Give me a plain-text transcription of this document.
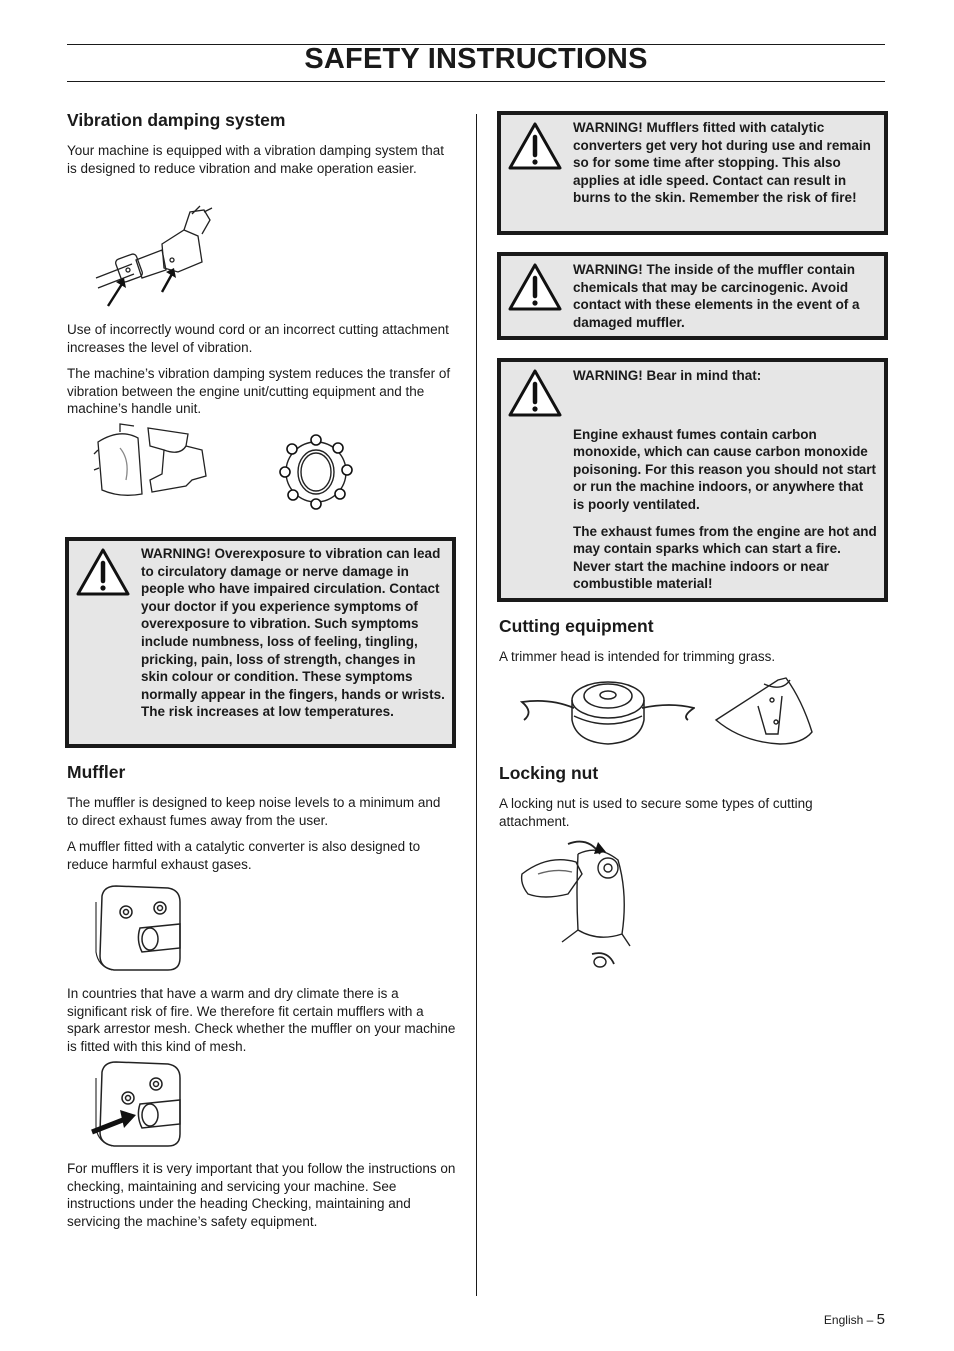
SAFETY INSTRUCTIONS
Vibration damping system

Your machine is equipped with a vibration damping system that is designed to reduce vibration and make operation easier.

Use of incorrectly wound cord or an incorrect cutting attachment increases the level of vibration.

The machine’s vibration damping system reduces the transfer of vibration between the engine unit/cutting equipment and the machine’s handle unit.

WARNING! Overexposure to vibration can lead to circulatory damage or nerve damage in people who have impaired circulation. Contact your doctor if you experience symptoms of overexposure to vibration. Such symptoms include numbness, loss of feeling, tingling, pricking, pain, loss of strength, changes in skin colour or condition. These symptoms normally appear in the fingers, hands or wrists. The risk increases at low temperatures.

Muffler

The muffler is designed to keep noise levels to a minimum and to direct exhaust fumes away from the user.

A muffler fitted with a catalytic converter is also designed to reduce harmful exhaust gases.

In countries that have a warm and dry climate there is a significant risk of fire. We therefore fit certain mufflers with a spark arrestor mesh. Check whether the muffler on your machine is fitted with this kind of mesh.

For mufflers it is very important that you follow the instructions on checking, maintaining and servicing your machine. See instructions under the heading Checking, maintaining and servicing the machine’s safety equipment.

WARNING! Mufflers fitted with catalytic converters get very hot during use and remain so for some time after stopping. This also applies at idle speed. Contact can result in burns to the skin. Remember the risk of fire!

WARNING! The inside of the muffler contain chemicals that may be carcinogenic. Avoid contact with these elements in the event of a damaged muffler.

WARNING! Bear in mind that:

Engine exhaust fumes contain carbon monoxide, which can cause carbon monoxide poisoning. For this reason you should not start or run the machine indoors, or anywhere that is poorly ventilated.

The exhaust fumes from the engine are hot and may contain sparks which can start a fire. Never start the machine indoors or near combustible material!

Cutting equipment

A trimmer head is intended for trimming grass.

Locking nut

A locking nut is used to secure some types of cutting attachment.

English – 5
